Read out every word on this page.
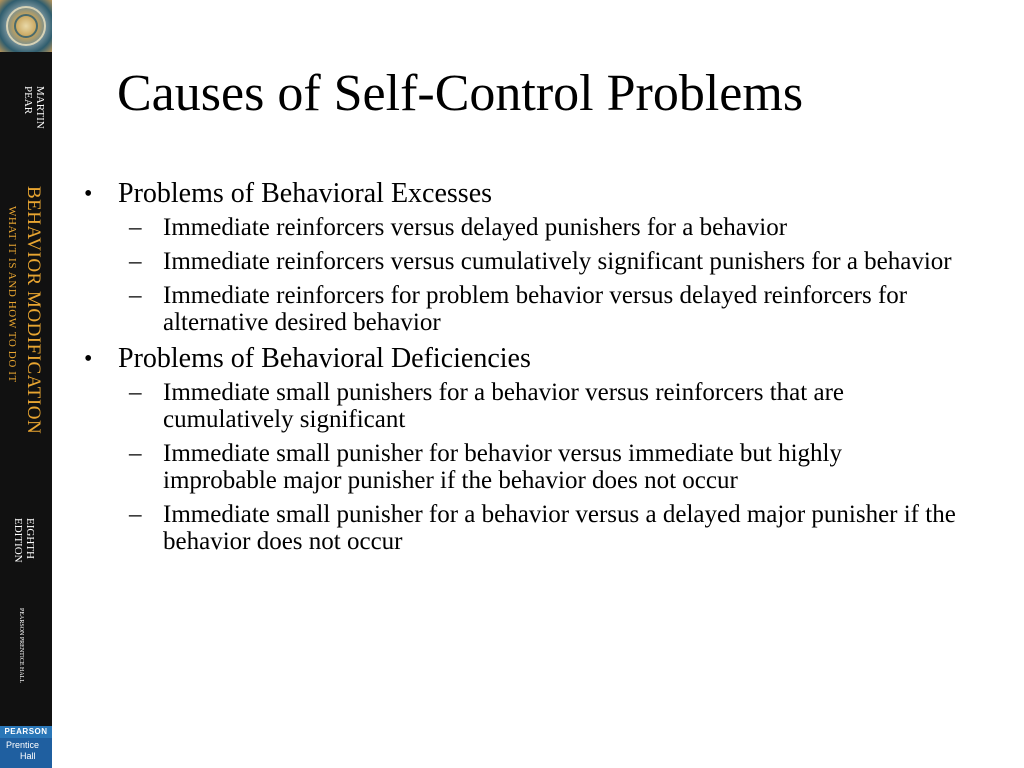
MARTIN
PEAR
BEHAVIOR MODIFICATION
WHAT IT IS AND HOW TO DO IT
EIGHTH
EDITION
PEARSON PRENTICE HALL
PEARSON
Prentice
Hall
Causes of Self-Control Problems
• Problems of Behavioral Excesses
– Immediate reinforcers versus delayed punishers for a behavior
– Immediate reinforcers versus cumulatively significant punishers for a behavior
– Immediate reinforcers for problem behavior versus delayed reinforcers for alternative desired behavior
• Problems of Behavioral Deficiencies
– Immediate small punishers for a behavior versus reinforcers that are cumulatively significant
– Immediate small punisher for behavior versus immediate but highly improbable major punisher if the behavior does not occur
– Immediate small punisher for a behavior versus a delayed major punisher if the behavior does not occur
